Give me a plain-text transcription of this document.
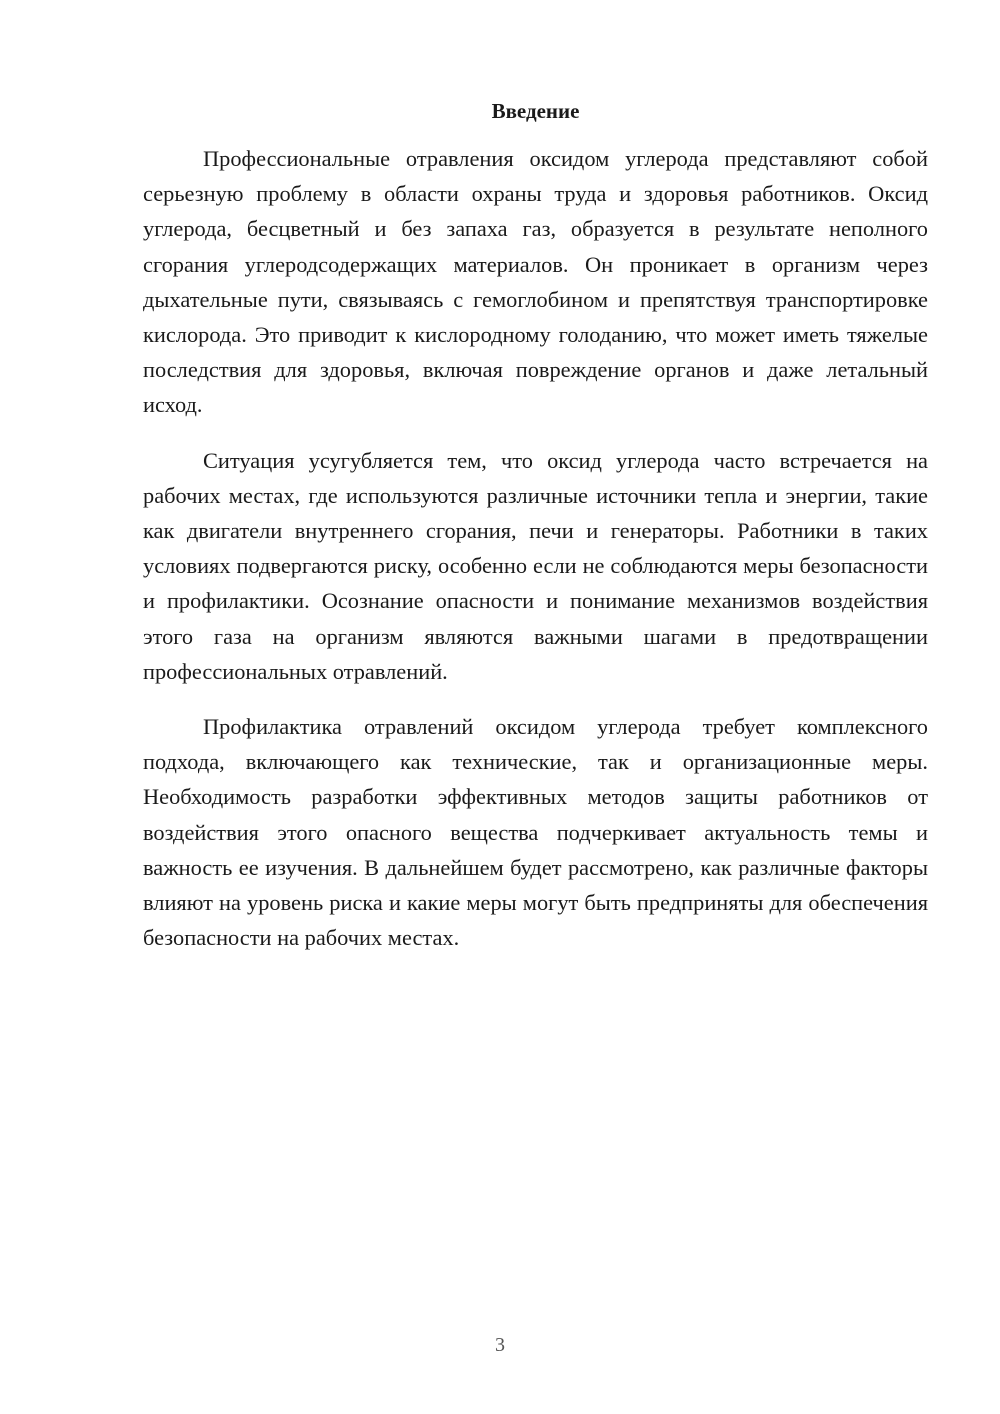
Введение

Профессиональные отравления оксидом углерода представляют собой серьезную проблему в области охраны труда и здоровья работников. Оксид углерода, бесцветный и без запаха газ, образуется в результате неполного сгорания углеродсодержащих материалов. Он проникает в организм через дыхательные пути, связываясь с гемоглобином и препятствуя транспортировке кислорода. Это приводит к кислородному голоданию, что может иметь тяжелые последствия для здоровья, включая повреждение органов и даже летальный исход.

Ситуация усугубляется тем, что оксид углерода часто встречается на рабочих местах, где используются различные источники тепла и энергии, такие как двигатели внутреннего сгорания, печи и генераторы. Работники в таких условиях подвергаются риску, особенно если не соблюдаются меры безопасности и профилактики. Осознание опасности и понимание механизмов воздействия этого газа на организм являются важными шагами в предотвращении профессиональных отравлений.

Профилактика отравлений оксидом углерода требует комплексного подхода, включающего как технические, так и организационные меры. Необходимость разработки эффективных методов защиты работников от воздействия этого опасного вещества подчеркивает актуальность темы и важность ее изучения. В дальнейшем будет рассмотрено, как различные факторы влияют на уровень риска и какие меры могут быть предприняты для обеспечения безопасности на рабочих местах.

3
